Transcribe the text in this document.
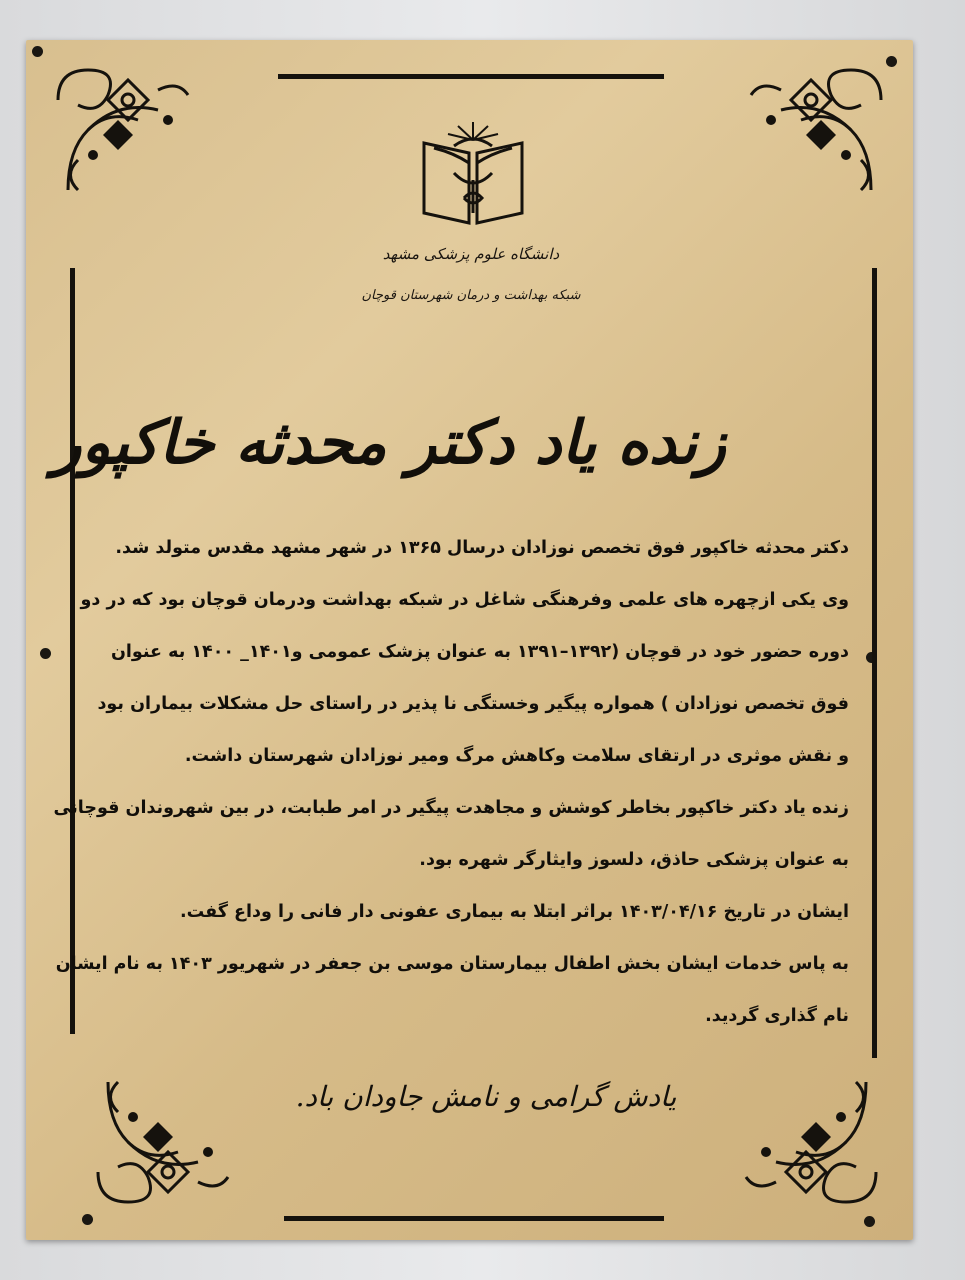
دانشگاه علوم پزشکی مشهد
شبکه بهداشت و درمان شهرستان قوچان
زنده یاد دکتر محدثه خاکپور
دکتر محدثه خاکپور فوق تخصص نوزادان درسال ۱۳۶۵ در شهر مشهد مقدس متولد شد.
وی یکی ازچهره های علمی وفرهنگی شاغل در شبکه بهداشت ودرمان قوچان بود که در دو
دوره حضور خود در قوچان (۱۳۹۲–۱۳۹۱ به عنوان پزشک عمومی و۱۴۰۱_ ۱۴۰۰ به عنوان
فوق تخصص نوزادان ) همواره پیگیر وخستگی نا پذیر در راستای حل مشکلات بیماران بود
و نقش موثری در ارتقای سلامت وکاهش مرگ ومیر نوزادان شهرستان داشت.
زنده یاد دکتر خاکپور بخاطر کوشش و مجاهدت پیگیر در امر طبابت، در بین شهروندان قوچانی
به عنوان پزشکی حاذق، دلسوز وایثارگر شهره بود.
ایشان در تاریخ ۱۴۰۳/۰۴/۱۶ براثر ابتلا به بیماری عفونی دار فانی را وداع گفت.
به پاس خدمات ایشان بخش اطفال بیمارستان موسی بن جعفر در شهریور ۱۴۰۳ به نام ایشان
نام گذاری گردید.
یادش گرامی و نامش جاودان باد.
